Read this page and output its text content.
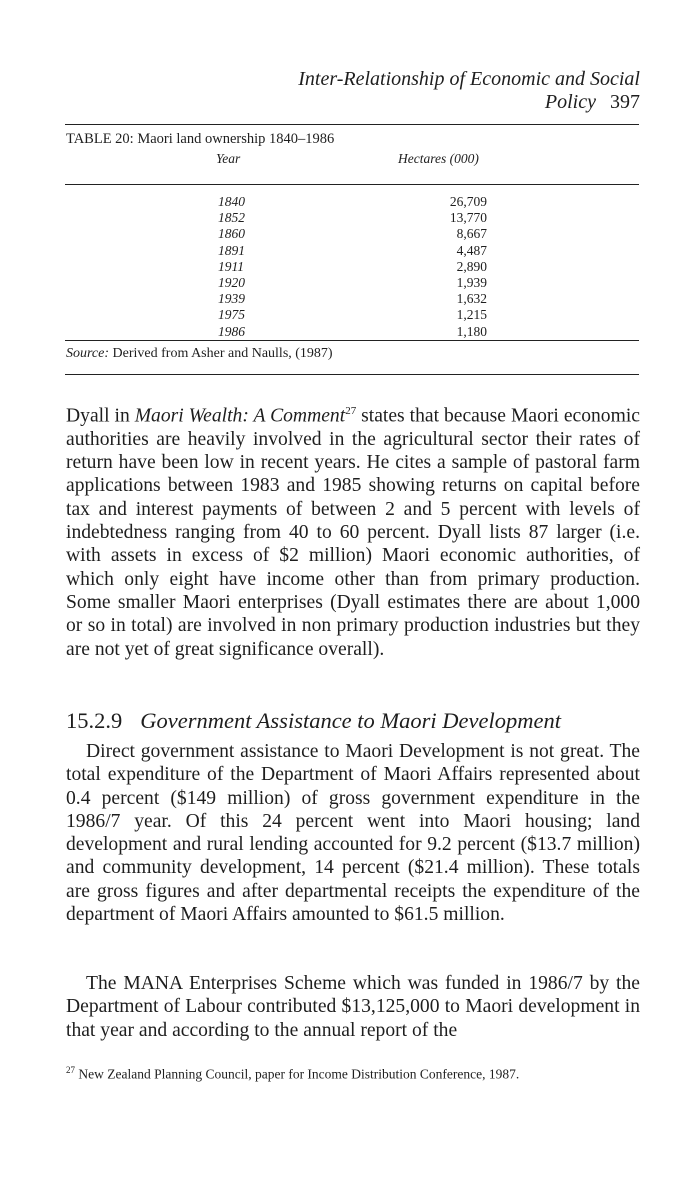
Inter-Relationship of Economic and Social Policy 397
TABLE 20: Maori land ownership 1840–1986
Year	Hectares (000)
1840	26,709
1852	13,770
1860	8,667
1891	4,487
1911	2,890
1920	1,939
1939	1,632
1975	1,215
1986	1,180
Source: Derived from Asher and Naulls, (1987)
Dyall in Maori Wealth: A Comment$^{27}$ states that because Maori economic authorities are heavily involved in the agricultural sector their rates of return have been low in recent years. He cites a sample of pastoral farm applications between 1983 and 1985 showing returns on capital before tax and interest payments of between 2 and 5 percent with levels of indebtedness ranging from 40 to 60 percent. Dyall lists 87 larger (i.e. with assets in excess of $2 million) Maori economic authorities, of which only eight have income other than from primary production. Some smaller Maori enterprises (Dyall estimates there are about 1,000 or so in total) are involved in non primary production industries but they are not yet of great significance overall).
15.2.9 Government Assistance to Maori Development
Direct government assistance to Maori Development is not great. The total expenditure of the Department of Maori Affairs represented about 0.4 percent ($149 million) of gross government expenditure in the 1986/7 year. Of this 24 percent went into Maori housing; land development and rural lending accounted for 9.2 percent ($13.7 million) and community development, 14 percent ($21.4 million). These totals are gross figures and after departmental receipts the expenditure of the department of Maori Affairs amounted to $61.5 million.
The MANA Enterprises Scheme which was funded in 1986/7 by the Department of Labour contributed $13,125,000 to Maori development in that year and according to the annual report of the
$^{27}$ New Zealand Planning Council, paper for Income Distribution Conference, 1987.
